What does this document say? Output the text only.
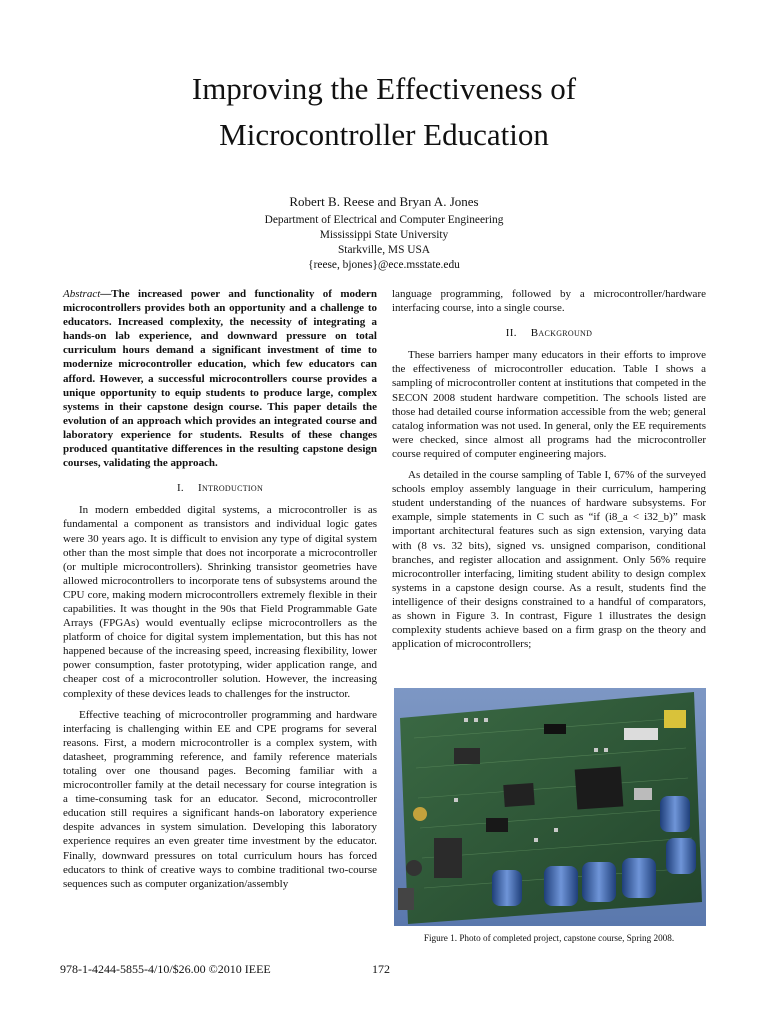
Improving the Effectiveness of
Microcontroller Education

Robert B. Reese and Bryan A. Jones

Department of Electrical and Computer Engineering
Mississippi State University
Starkville, MS USA
{reese, bjones}@ece.msstate.edu

Abstract—The increased power and functionality of modern microcontrollers provides both an opportunity and a challenge to educators. Increased complexity, the necessity of integrating a hands-on lab experience, and downward pressure on total curriculum hours demand a significant investment of time to modernize microcontroller education, which few educators can afford. However, a successful microcontrollers course provides a unique opportunity to equip students to produce large, complex systems in their capstone design course. This paper details the evolution of an approach which provides an integrated course and laboratory experience for students. Results of these changes produced quantitative differences in the resulting capstone design courses, validating the approach.

I. Introduction

In modern embedded digital systems, a microcontroller is as fundamental a component as transistors and individual logic gates were 30 years ago. It is difficult to envision any type of digital system other than the most simple that does not incorporate a microcontroller (or multiple microcontrollers). Shrinking transistor geometries have allowed microcontrollers to incorporate tens of subsystems around the CPU core, making modern microcontrollers extremely flexible in their capabilities. It was thought in the 90s that Field Programmable Gate Arrays (FPGAs) would eventually eclipse microcontrollers as the platform of choice for digital system implementation, but this has not happened because of the increasing speed, increasing flexibility, lower power consumption, faster prototyping, wider application range, and cheaper cost of a microcontroller solution. However, the increasing complexity of these devices leads to challenges for the instructor.

Effective teaching of microcontroller programming and hardware interfacing is challenging within EE and CPE programs for several reasons. First, a modern microcontroller is a complex system, with datasheet, programming reference, and family reference materials totaling over one thousand pages. Becoming familiar with a microcontroller family at the detail necessary for course integration is a time-consuming task for an educator. Second, microcontroller education still requires a significant hands-on laboratory experience despite advances in system simulation. Developing this laboratory experience requires an even greater time investment by the educator. Finally, downward pressures on total curriculum hours has forced educators to think of creative ways to combine traditional two-course sequences such as computer organization/assembly

language programming, followed by a microcontroller/hardware interfacing course, into a single course.

II. Background

These barriers hamper many educators in their efforts to improve the effectiveness of microcontroller education. Table I shows a sampling of microcontroller content at institutions that competed in the SECON 2008 student hardware competition. The schools listed are those had detailed course information accessible from the web; general catalog information was not used. In general, only the EE requirements were checked, since almost all programs had the microcontroller course required of computer engineering majors.

As detailed in the course sampling of Table I, 67% of the surveyed schools employ assembly language in their curriculum, hampering student understanding of the nuances of hardware subsystems. For example, simple statements in C such as “if (i8_a < i32_b)” mask important architectural features such as sign extension, varying data with (8 vs. 32 bits), signed vs. unsigned comparison, conditional branches, and register allocation and assignment. Only 56% require microcontroller interfacing, limiting student ability to design complex systems in a capstone design course. As a result, students find the intelligence of their designs constrained to a handful of comparators, as shown in Figure 3. In contrast, Figure 1 illustrates the design complexity students achieve based on a firm grasp on the theory and application of microcontrollers;

Figure 1. Photo of completed project, capstone course, Spring 2008.

978-1-4244-5855-4/10/$26.00 ©2010 IEEE	172
